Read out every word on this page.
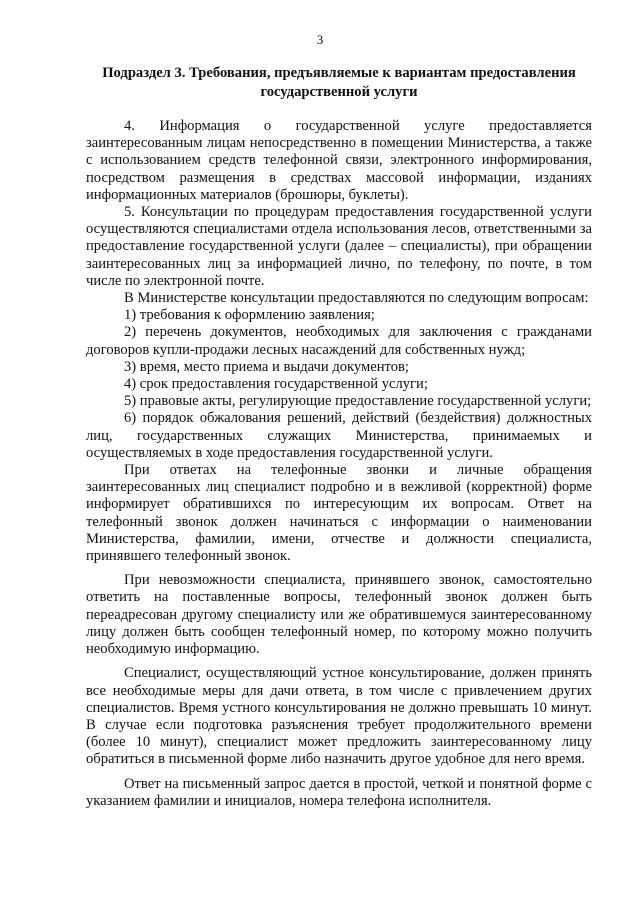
3
Подраздел 3. Требования, предъявляемые к вариантам предоставления государственной услуги

4. Информация о государственной услуге предоставляется заинтересованным лицам непосредственно в помещении Министерства, а также с использованием средств телефонной связи, электронного информирования, посредством размещения в средствах массовой информации, изданиях информационных материалов (брошюры, буклеты).

5. Консультации по процедурам предоставления государственной услуги осуществляются специалистами отдела использования лесов, ответственными за предоставление государственной услуги (далее – специалисты), при обращении заинтересованных лиц за информацией лично, по телефону, по почте, в том числе по электронной почте.

В Министерстве консультации предоставляются по следующим вопросам:

1) требования к оформлению заявления;

2) перечень документов, необходимых для заключения с гражданами договоров купли-продажи лесных насаждений для собственных нужд;

3) время, место приема и выдачи документов;

4) срок предоставления государственной услуги;

5) правовые акты, регулирующие предоставление государственной услуги;

6) порядок обжалования решений, действий (бездействия) должностных лиц, государственных служащих Министерства, принимаемых и осуществляемых в ходе предоставления государственной услуги.

При ответах на телефонные звонки и личные обращения заинтересованных лиц специалист подробно и в вежливой (корректной) форме информирует обратившихся по интересующим их вопросам. Ответ на телефонный звонок должен начинаться с информации о наименовании Министерства, фамилии, имени, отчестве и должности специалиста, принявшего телефонный звонок.

При невозможности специалиста, принявшего звонок, самостоятельно ответить на поставленные вопросы, телефонный звонок должен быть переадресован другому специалисту или же обратившемуся заинтересованному лицу должен быть сообщен телефонный номер, по которому можно получить необходимую информацию.

Специалист, осуществляющий устное консультирование, должен принять все необходимые меры для дачи ответа, в том числе с привлечением других специалистов. Время устного консультирования не должно превышать 10 минут. В случае если подготовка разъяснения требует продолжительного времени (более 10 минут), специалист может предложить заинтересованному лицу обратиться в письменной форме либо назначить другое удобное для него время.

Ответ на письменный запрос дается в простой, четкой и понятной форме с указанием фамилии и инициалов, номера телефона исполнителя.
